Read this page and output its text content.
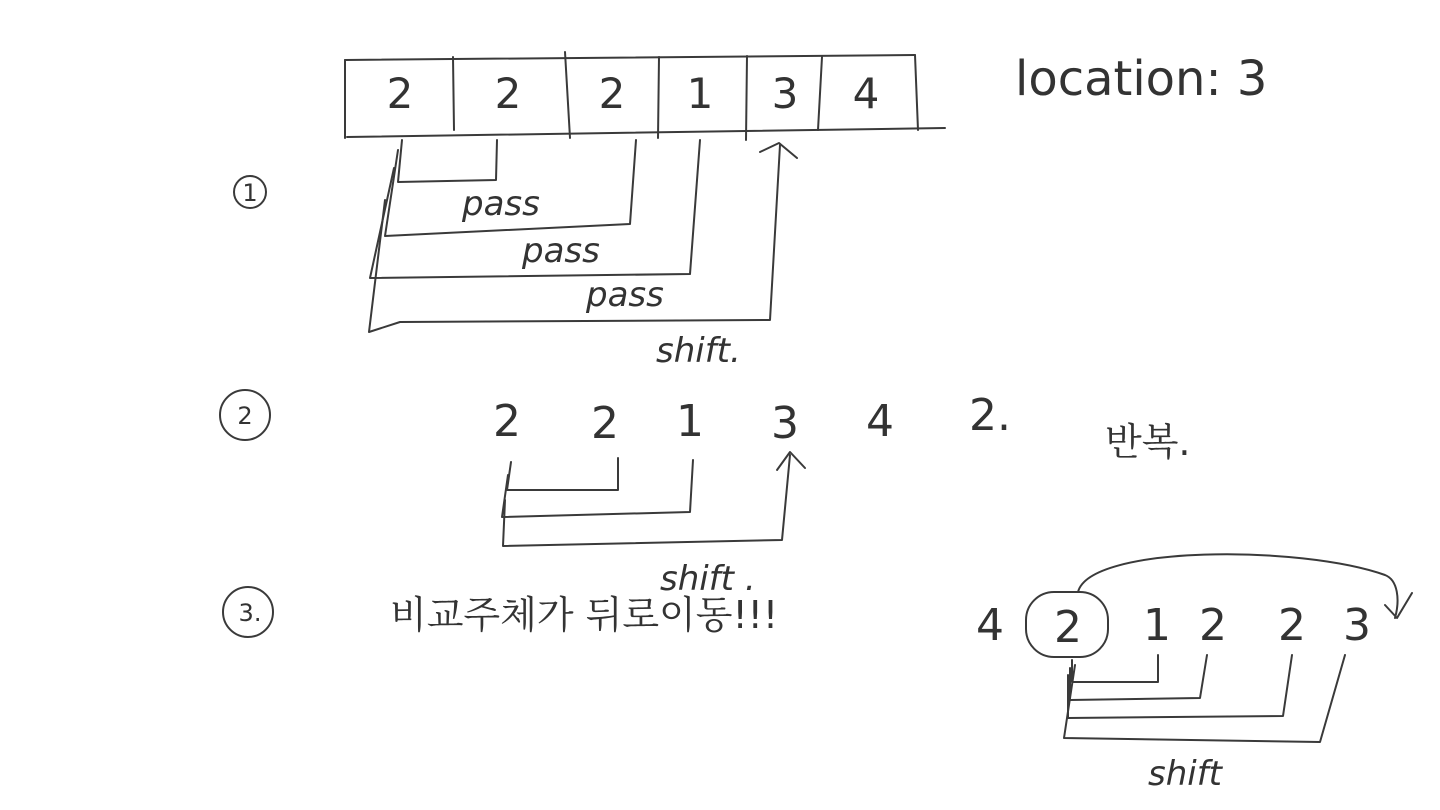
2 2 2 1 3 4	location: 3
1	pass
pass
pass
shift.
2	2 2 1 3 4 2.
반복.
shift .
3.	비교주체가 뒤로이동!!!	4 2 1 2 2 3
shift
